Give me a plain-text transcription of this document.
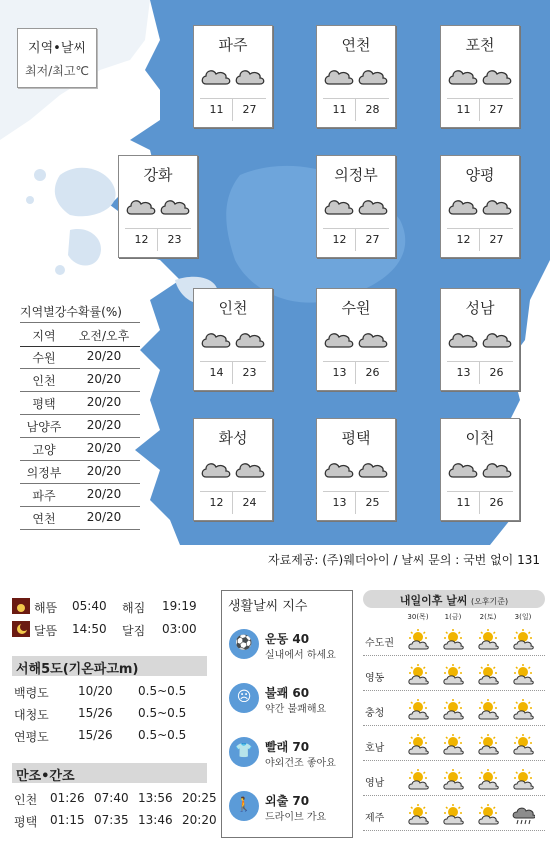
지역•날씨
최저/최고℃
파주
11	27
연천
11	28
포천
11	27
강화
12	23
의정부
12	27
양평
12	27
인천
14	23
수원
13	26
성남
13	26
화성
12	24
평택
13	25
이천
11	26
지역별강수확률(%)
지역	오전/오후
수원	20/20
인천	20/20
평택	20/20
남양주	20/20
고양	20/20
의정부	20/20
파주	20/20
연천	20/20
자료제공: (주)웨더아이 / 날씨 문의 : 국번 없이 131
해뜸 05:40 해짐 19:19
달뜸 14:50 달짐 03:00
서해5도(기온파고m)
백령도 10/20 0.5~0.5
대청도 15/26 0.5~0.5
연평도 15/26 0.5~0.5
만조•간조
인천 01:26 07:40 13:56 20:25
평택 01:15 07:35 13:46 20:20
생활날씨 지수
⚽	운동 40
실내에서 하세요
☹	불쾌 60
약간 불쾌해요
👕	빨래 70
야외건조 좋아요
🚶	외출 70
드라이브 가요
내일이후 날씨 (오후기준)
30(목)	1(금)	2(토)	3(일)
수도권
영동
충청
호남
영남
제주
